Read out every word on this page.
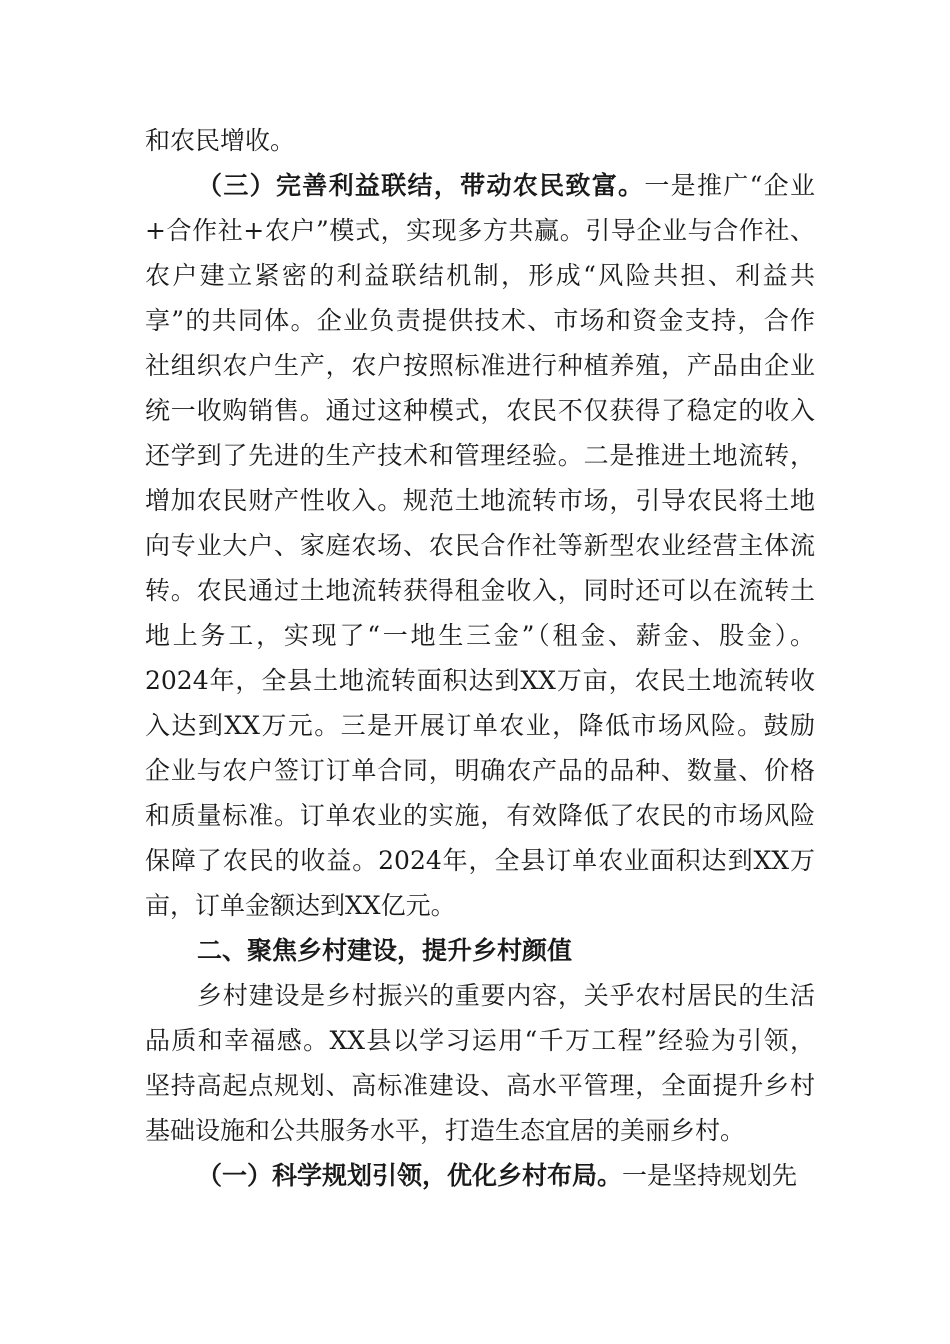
和农民增收。
（三）完善利益联结，带动农民致富。一是推广“企业
+合作社+农户”模式，实现多方共赢。引导企业与合作社、
农户建立紧密的利益联结机制，形成“风险共担、利益共
享”的共同体。企业负责提供技术、市场和资金支持，合作
社组织农户生产，农户按照标准进行种植养殖，产品由企业
统一收购销售。通过这种模式，农民不仅获得了稳定的收入
还学到了先进的生产技术和管理经验。二是推进土地流转，
增加农民财产性收入。规范土地流转市场，引导农民将土地
向专业大户、家庭农场、农民合作社等新型农业经营主体流
转。农民通过土地流转获得租金收入，同时还可以在流转土
地上务工，实现了“一地生三金”（租金、薪金、股金）。
2024年，全县土地流转面积达到XX万亩，农民土地流转收
入达到XX万元。三是开展订单农业，降低市场风险。鼓励
企业与农户签订订单合同，明确农产品的品种、数量、价格
和质量标准。订单农业的实施，有效降低了农民的市场风险
保障了农民的收益。2024年，全县订单农业面积达到XX万
亩，订单金额达到XX亿元。
二、聚焦乡村建设，提升乡村颜值
乡村建设是乡村振兴的重要内容，关乎农村居民的生活
品质和幸福感。XX县以学习运用“千万工程”经验为引领，
坚持高起点规划、高标准建设、高水平管理，全面提升乡村
基础设施和公共服务水平，打造生态宜居的美丽乡村。
（一）科学规划引领，优化乡村布局。一是坚持规划先
